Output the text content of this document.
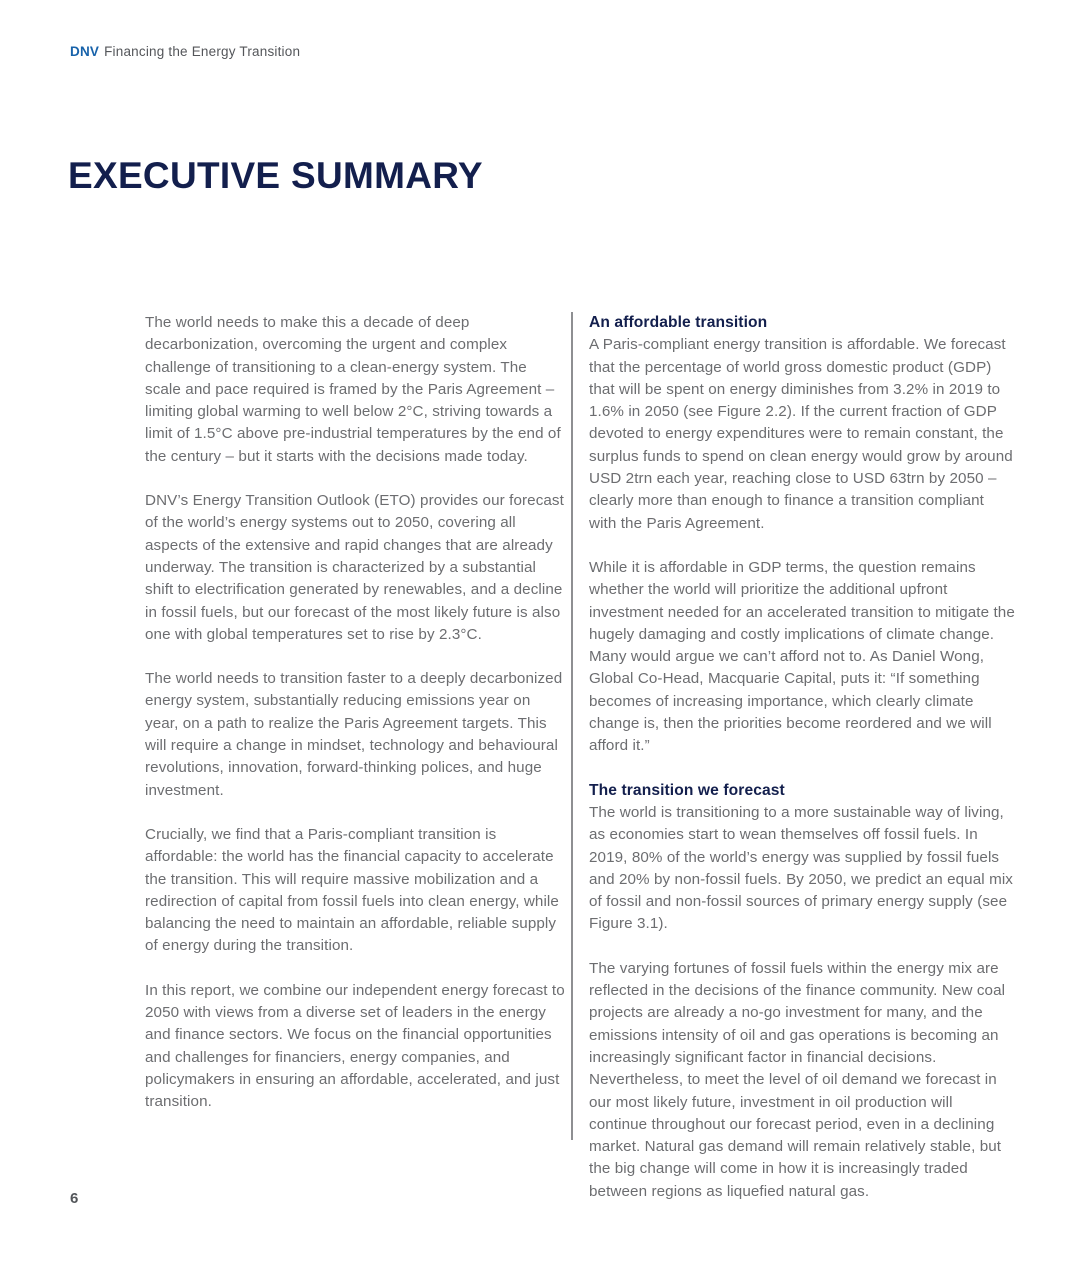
DNV Financing the Energy Transition
EXECUTIVE SUMMARY

The world needs to make this a decade of deep decarbonization, overcoming the urgent and complex challenge of transitioning to a clean-energy system. The scale and pace required is framed by the Paris Agreement – limiting global warming to well below 2°C, striving towards a limit of 1.5°C above pre-industrial temperatures by the end of the century – but it starts with the decisions made today.

DNV’s Energy Transition Outlook (ETO) provides our forecast of the world’s energy systems out to 2050, covering all aspects of the extensive and rapid changes that are already underway. The transition is characterized by a substantial shift to electrification generated by renewables, and a decline in fossil fuels, but our forecast of the most likely future is also one with global temperatures set to rise by 2.3°C.

The world needs to transition faster to a deeply decarbonized energy system, substantially reducing emissions year on year, on a path to realize the Paris Agreement targets. This will require a change in mindset, technology and behavioural revolutions, innovation, forward-thinking polices, and huge investment.

Crucially, we find that a Paris-compliant transition is affordable: the world has the financial capacity to accelerate the transition. This will require massive mobilization and a redirection of capital from fossil fuels into clean energy, while balancing the need to maintain an affordable, reliable supply of energy during the transition.

In this report, we combine our independent energy forecast to 2050 with views from a diverse set of leaders in the energy and finance sectors. We focus on the financial opportunities and challenges for financiers, energy companies, and policymakers in ensuring an affordable, accelerated, and just transition.

An affordable transition

A Paris-compliant energy transition is affordable. We forecast that the percentage of world gross domestic product (GDP) that will be spent on energy diminishes from 3.2% in 2019 to 1.6% in 2050 (see Figure 2.2). If the current fraction of GDP devoted to energy expenditures were to remain constant, the surplus funds to spend on clean energy would grow by around USD 2trn each year, reaching close to USD 63trn by 2050 – clearly more than enough to finance a transition compliant with the Paris Agreement.

While it is affordable in GDP terms, the question remains whether the world will prioritize the additional upfront investment needed for an accelerated transition to mitigate the hugely damaging and costly implications of climate change. Many would argue we can’t afford not to. As Daniel Wong, Global Co-Head, Macquarie Capital, puts it: “If something becomes of increasing importance, which clearly climate change is, then the priorities become reordered and we will afford it.”

The transition we forecast

The world is transitioning to a more sustainable way of living, as economies start to wean themselves off fossil fuels. In 2019, 80% of the world’s energy was supplied by fossil fuels and 20% by non-fossil fuels. By 2050, we predict an equal mix of fossil and non-fossil sources of primary energy supply (see Figure 3.1).

The varying fortunes of fossil fuels within the energy mix are reflected in the decisions of the finance community. New coal projects are already a no-go investment for many, and the emissions intensity of oil and gas operations is becoming an increasingly significant factor in financial decisions. Nevertheless, to meet the level of oil demand we forecast in our most likely future, investment in oil production will continue throughout our forecast period, even in a declining market. Natural gas demand will remain relatively stable, but the big change will come in how it is increasingly traded between regions as liquefied natural gas.

6
